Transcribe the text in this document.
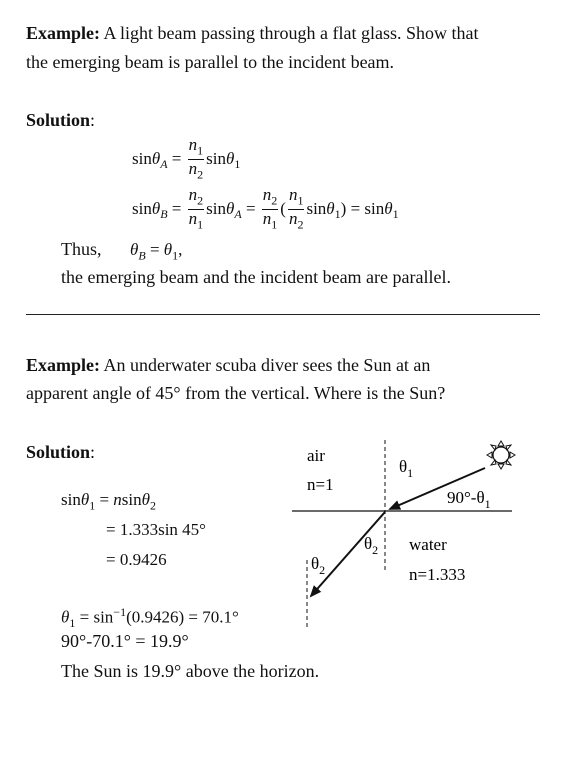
Example: A light beam passing through a flat glass. Show that
the emerging beam is parallel to the incident beam.
Solution:
$\sin\theta_A = \frac{n_1}{n_2} \sin\theta_1$
$\sin\theta_B = \frac{n_2}{n_1} \sin\theta_A = \frac{n_2}{n_1}$ ( $\frac{n_1}{n_2} \sin\theta_1) = \sin\theta_1$
Thus, $\theta_B = \theta_1$,
the emerging beam and the incident beam are parallel.
Example: An underwater scuba diver sees the Sun at an
apparent angle of 45° from the vertical. Where is the Sun?
Solution:
sinθ$_1$ = nsinθ$_2$
= 1.333sin 45°
= 0.9426
$\theta_1 = \sin^{-1}(0.9426) = 70.1^\circ$
90°-70.1° = 19.9°
The Sun is 19.9° above the horizon.
air
n=1
water
n=1.333
$\theta_1$
$90^\circ-\theta_1$
$\theta_2$
$\theta_2$
